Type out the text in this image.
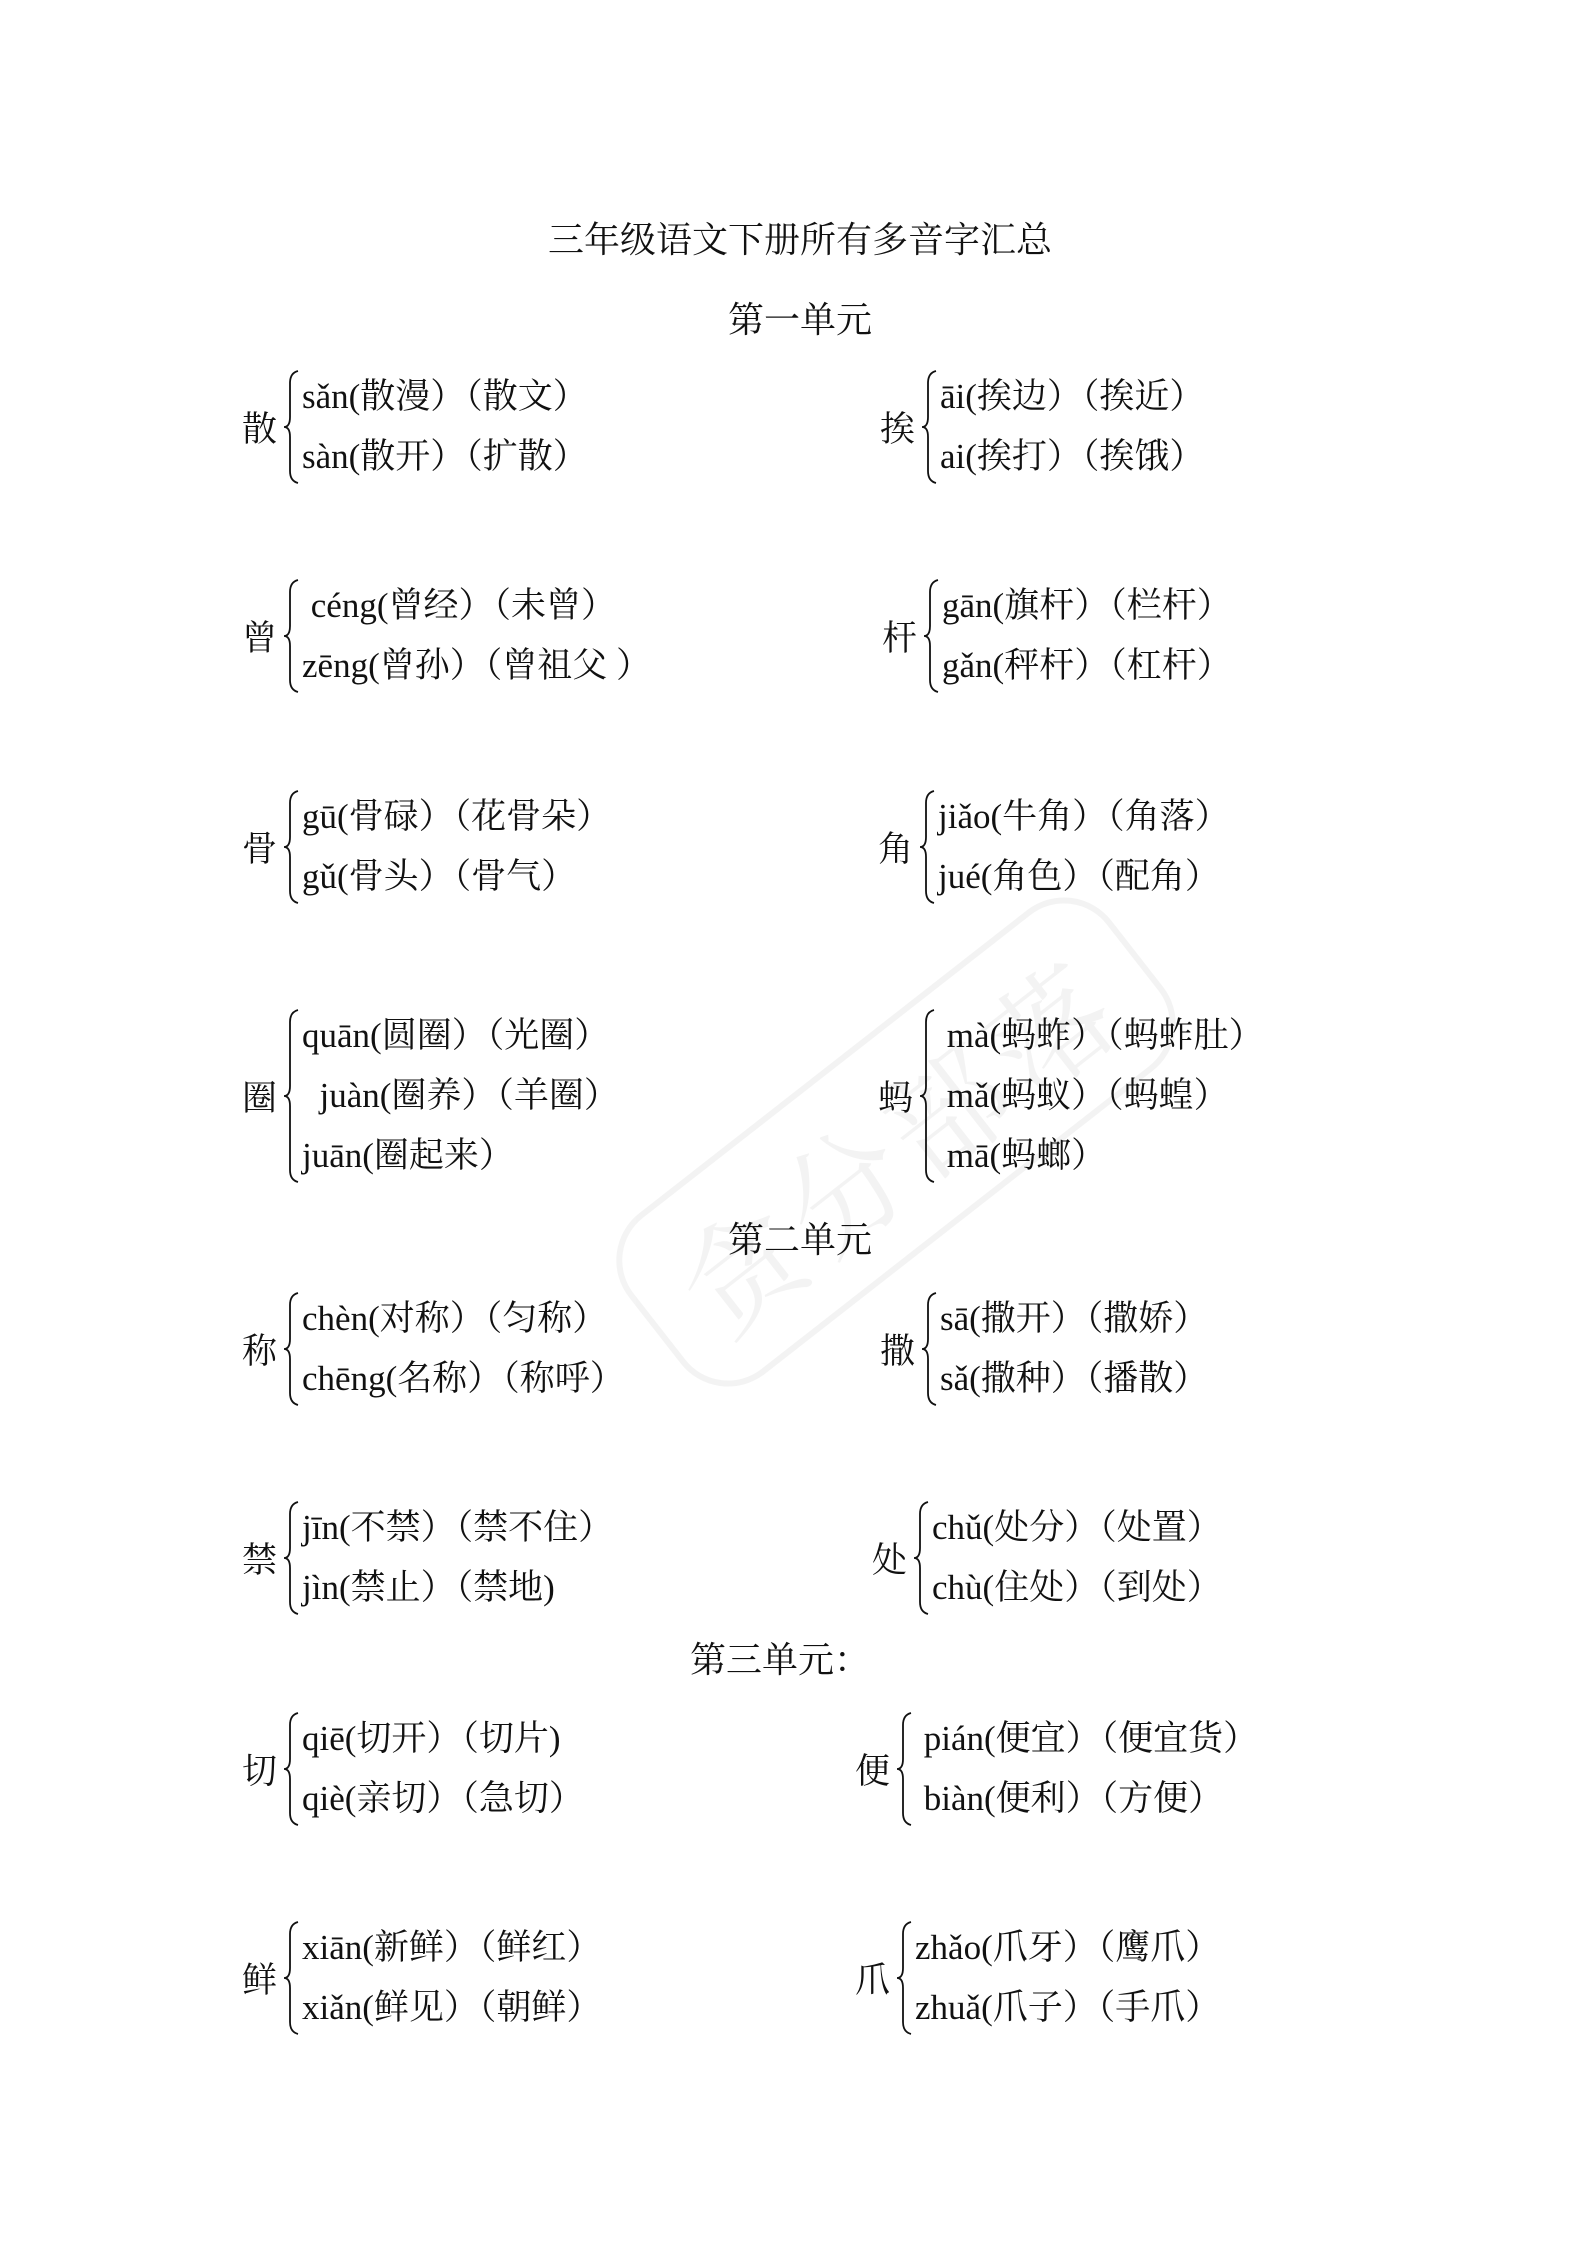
三年级语文下册所有多音字汇总
第一单元
散
sǎn(散漫）（散文）
sàn(散开）（扩散）
挨
āi(挨边）（挨近）
ai(挨打）（挨饿）
曾
céng(曾经）（未曾）
zēng(曾孙）（曾祖父 ）
杆
gān(旗杆）（栏杆）
gǎn(秤杆）（杠杆）
骨
gū(骨碌）（花骨朵）
gǔ(骨头）（骨气）
角
jiǎo(牛角）（角落）
jué(角色）（配角）
圈
quān(圆圈）（光圈）
juàn(圈养）（羊圈）
juān(圈起来）
蚂
mà(蚂蚱）（蚂蚱肚）
mǎ(蚂蚁）（蚂蝗）
mā(蚂螂）
第二单元
称
chèn(对称）（匀称）
chēng(名称）（称呼）
撒
sā(撒开）（撒娇）
sǎ(撒种）（播散）
禁
jīn(不禁）（禁不住）
jìn(禁止）（禁地)
处
chǔ(处分）（处置）
chù(住处）（到处）
第三单元：
切
qiē(切开）（切片)
qiè(亲切）（急切）
便
pián(便宜）（便宜货）
biàn(便利）（方便）
鲜
xiān(新鲜）（鲜红）
xiǎn(鲜见）（朝鲜）
爪
zhǎo(爪牙）（鹰爪）
zhuǎ(爪子）（手爪）
